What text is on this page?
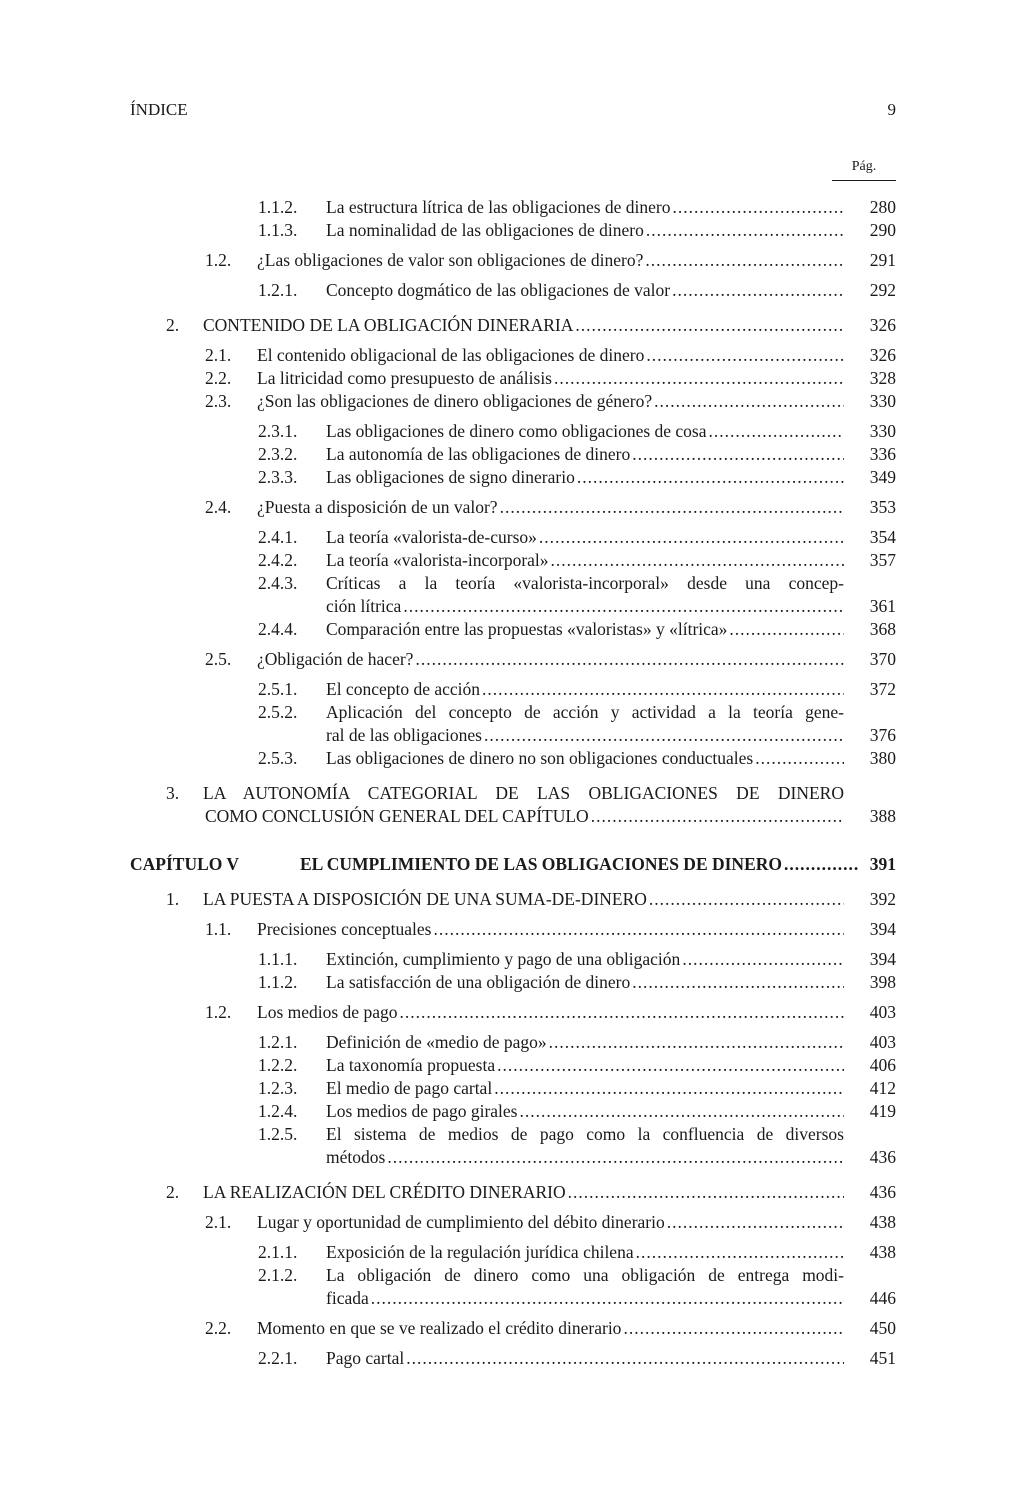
ÍNDICE	9
Pág.
1.1.2. La estructura lítrica de las obligaciones de dinero .....	280
1.1.3. La nominalidad de las obligaciones de dinero .....	290
1.2. ¿Las obligaciones de valor son obligaciones de dinero? .....	291
1.2.1. Concepto dogmático de las obligaciones de valor .....	292
2. CONTENIDO DE LA OBLIGACIÓN DINERARIA .....	326
2.1. El contenido obligacional de las obligaciones de dinero .....	326
2.2. La litricidad como presupuesto de análisis .....	328
2.3. ¿Son las obligaciones de dinero obligaciones de género? .....	330
2.3.1. Las obligaciones de dinero como obligaciones de cosa .....	330
2.3.2. La autonomía de las obligaciones de dinero .....	336
2.3.3. Las obligaciones de signo dinerario .....	349
2.4. ¿Puesta a disposición de un valor? .....	353
2.4.1. La teoría «valorista-de-curso» .....	354
2.4.2. La teoría «valorista-incorporal» .....	357
2.4.3. Críticas a la teoría «valorista-incorporal» desde una concep-
ción lítrica .....	361
2.4.4. Comparación entre las propuestas «valoristas» y «lítrica» .....	368
2.5. ¿Obligación de hacer? .....	370
2.5.1. El concepto de acción .....	372
2.5.2. Aplicación del concepto de acción y actividad a la teoría gene-
ral de las obligaciones .....	376
2.5.3. Las obligaciones de dinero no son obligaciones conductuales .....	380
3. LA AUTONOMÍA CATEGORIAL DE LAS OBLIGACIONES DE DINERO
COMO CONCLUSIÓN GENERAL DEL CAPÍTULO .....	388
CAPÍTULO V	EL CUMPLIMIENTO DE LAS OBLIGACIONES DE DINERO .....	391
1. LA PUESTA A DISPOSICIÓN DE UNA SUMA-DE-DINERO .....	392
1.1. Precisiones conceptuales .....	394
1.1.1. Extinción, cumplimiento y pago de una obligación .....	394
1.1.2. La satisfacción de una obligación de dinero .....	398
1.2. Los medios de pago .....	403
1.2.1. Definición de «medio de pago» .....	403
1.2.2. La taxonomía propuesta .....	406
1.2.3. El medio de pago cartal .....	412
1.2.4. Los medios de pago girales .....	419
1.2.5. El sistema de medios de pago como la confluencia de diversos
métodos .....	436
2. LA REALIZACIÓN DEL CRÉDITO DINERARIO .....	436
2.1. Lugar y oportunidad de cumplimiento del débito dinerario .....	438
2.1.1. Exposición de la regulación jurídica chilena .....	438
2.1.2. La obligación de dinero como una obligación de entrega modi-
ficada .....	446
2.2. Momento en que se ve realizado el crédito dinerario .....	450
2.2.1. Pago cartal .....	451
